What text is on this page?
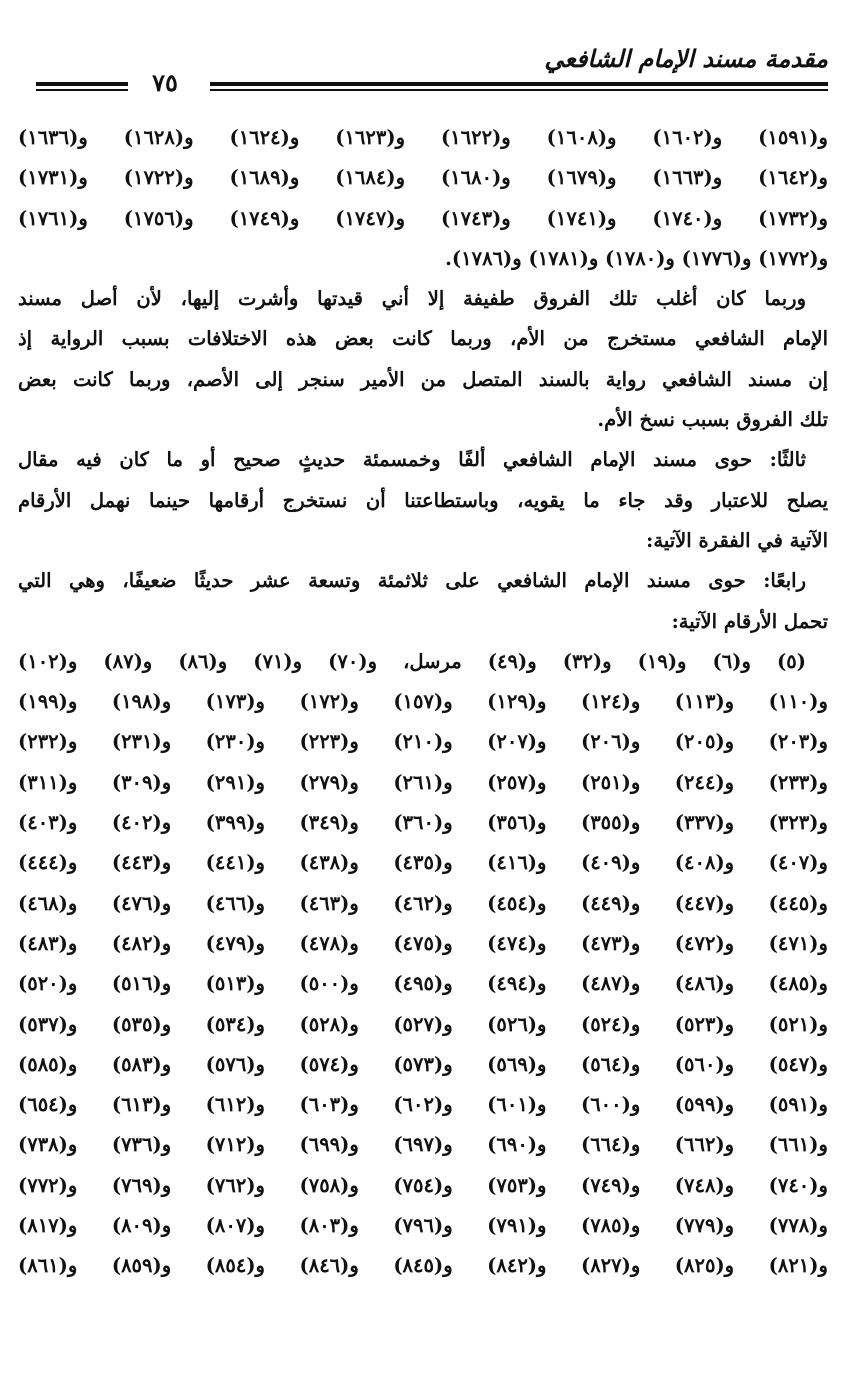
مقدمة مسند الإمام الشافعي
٧٥
و(١٥٩١) و(١٦٠٢) و(١٦٠٨) و(١٦٢٢) و(١٦٢٣) و(١٦٢٤) و(١٦٢٨) و(١٦٣٦)
و(١٦٤٢) و(١٦٦٣) و(١٦٧٩) و(١٦٨٠) و(١٦٨٤) و(١٦٨٩) و(١٧٢٢) و(١٧٣١)
و(١٧٣٢) و(١٧٤٠) و(١٧٤١) و(١٧٤٣) و(١٧٤٧) و(١٧٤٩) و(١٧٥٦) و(١٧٦١)
و(١٧٧٢) و(١٧٧٦) و(١٧٨٠) و(١٧٨١) و(١٧٨٦).
وربما كان أغلب تلك الفروق طفيفة إلا أني قيدتها وأشرت إليها، لأن أصل مسند
الإمام الشافعي مستخرج من الأم، وربما كانت بعض هذه الاختلافات بسبب الرواية إذ
إن مسند الشافعي رواية بالسند المتصل من الأمير سنجر إلى الأصم، وربما كانت بعض
تلك الفروق بسبب نسخ الأم.
ثالثًا: حوى مسند الإمام الشافعي ألفًا وخمسمئة حديثٍ صحيح أو ما كان فيه مقال
يصلح للاعتبار وقد جاء ما يقويه، وباستطاعتنا أن نستخرج أرقامها حينما نهمل الأرقام
الآتية في الفقرة الآتية:
رابعًا: حوى مسند الإمام الشافعي على ثلاثمئة وتسعة عشر حديثًا ضعيفًا، وهي التي
تحمل الأرقام الآتية:
(٥) و(٦) و(١٩) و(٣٢) و(٤٩) مرسل، و(٧٠) و(٧١) و(٨٦) و(٨٧) و(١٠٢)
و(١١٠) و(١١٣) و(١٢٤) و(١٢٩) و(١٥٧) و(١٧٢) و(١٧٣) و(١٩٨) و(١٩٩)
و(٢٠٣) و(٢٠٥) و(٢٠٦) و(٢٠٧) و(٢١٠) و(٢٢٣) و(٢٣٠) و(٢٣١) و(٢٣٢)
و(٢٣٣) و(٢٤٤) و(٢٥١) و(٢٥٧) و(٢٦١) و(٢٧٩) و(٢٩١) و(٣٠٩) و(٣١١)
و(٣٢٣) و(٣٣٧) و(٣٥٥) و(٣٥٦) و(٣٦٠) و(٣٤٩) و(٣٩٩) و(٤٠٢) و(٤٠٣)
و(٤٠٧) و(٤٠٨) و(٤٠٩) و(٤١٦) و(٤٣٥) و(٤٣٨) و(٤٤١) و(٤٤٣) و(٤٤٤)
و(٤٤٥) و(٤٤٧) و(٤٤٩) و(٤٥٤) و(٤٦٢) و(٤٦٣) و(٤٦٦) و(٤٧٦) و(٤٦٨)
و(٤٧١) و(٤٧٢) و(٤٧٣) و(٤٧٤) و(٤٧٥) و(٤٧٨) و(٤٧٩) و(٤٨٢) و(٤٨٣)
و(٤٨٥) و(٤٨٦) و(٤٨٧) و(٤٩٤) و(٤٩٥) و(٥٠٠) و(٥١٣) و(٥١٦) و(٥٢٠)
و(٥٢١) و(٥٢٣) و(٥٢٤) و(٥٢٦) و(٥٢٧) و(٥٢٨) و(٥٣٤) و(٥٣٥) و(٥٣٧)
و(٥٤٧) و(٥٦٠) و(٥٦٤) و(٥٦٩) و(٥٧٣) و(٥٧٤) و(٥٧٦) و(٥٨٣) و(٥٨٥)
و(٥٩١) و(٥٩٩) و(٦٠٠) و(٦٠١) و(٦٠٢) و(٦٠٣) و(٦١٢) و(٦١٣) و(٦٥٤)
و(٦٦١) و(٦٦٢) و(٦٦٤) و(٦٩٠) و(٦٩٧) و(٦٩٩) و(٧١٢) و(٧٣٦) و(٧٣٨)
و(٧٤٠) و(٧٤٨) و(٧٤٩) و(٧٥٣) و(٧٥٤) و(٧٥٨) و(٧٦٢) و(٧٦٩) و(٧٧٢)
و(٧٧٨) و(٧٧٩) و(٧٨٥) و(٧٩١) و(٧٩٦) و(٨٠٣) و(٨٠٧) و(٨٠٩) و(٨١٧)
و(٨٢١) و(٨٢٥) و(٨٢٧) و(٨٤٢) و(٨٤٥) و(٨٤٦) و(٨٥٤) و(٨٥٩) و(٨٦١)
